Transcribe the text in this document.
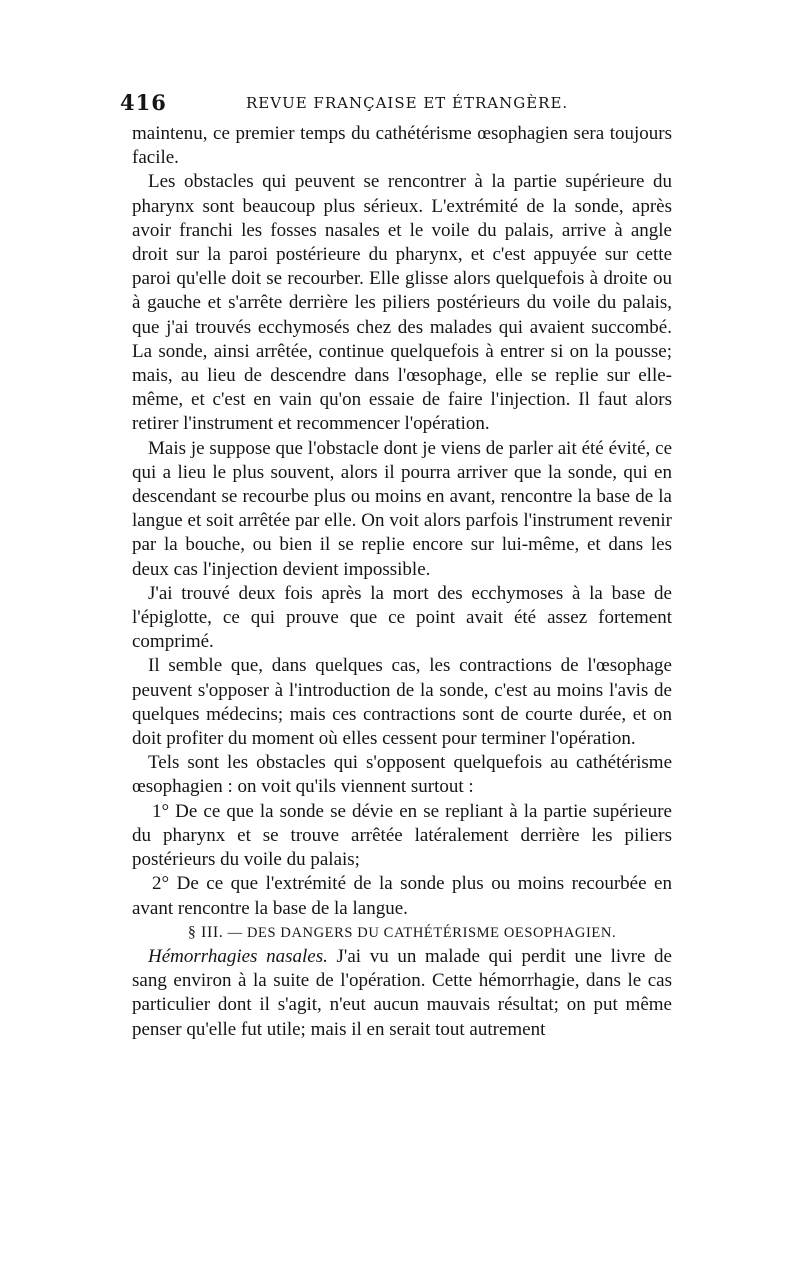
416	REVUE FRANÇAISE ET ÉTRANGÈRE.

maintenu, ce premier temps du cathétérisme œsophagien sera toujours facile.

Les obstacles qui peuvent se rencontrer à la partie supérieure du pharynx sont beaucoup plus sérieux. L'extrémité de la sonde, après avoir franchi les fosses nasales et le voile du palais, arrive à angle droit sur la paroi postérieure du pharynx, et c'est appuyée sur cette paroi qu'elle doit se recourber. Elle glisse alors quelquefois à droite ou à gauche et s'arrête derrière les piliers postérieurs du voile du palais, que j'ai trouvés ecchymosés chez des malades qui avaient succombé. La sonde, ainsi arrêtée, continue quelquefois à entrer si on la pousse; mais, au lieu de descendre dans l'œsophage, elle se replie sur elle-même, et c'est en vain qu'on essaie de faire l'injection. Il faut alors retirer l'instrument et recommencer l'opération.

Mais je suppose que l'obstacle dont je viens de parler ait été évité, ce qui a lieu le plus souvent, alors il pourra arriver que la sonde, qui en descendant se recourbe plus ou moins en avant, rencontre la base de la langue et soit arrêtée par elle. On voit alors parfois l'instrument revenir par la bouche, ou bien il se replie encore sur lui-même, et dans les deux cas l'injection devient impossible.

J'ai trouvé deux fois après la mort des ecchymoses à la base de l'épiglotte, ce qui prouve que ce point avait été assez fortement comprimé.

Il semble que, dans quelques cas, les contractions de l'œsophage peuvent s'opposer à l'introduction de la sonde, c'est au moins l'avis de quelques médecins; mais ces contractions sont de courte durée, et on doit profiter du moment où elles cessent pour terminer l'opération.

Tels sont les obstacles qui s'opposent quelquefois au cathétérisme œsophagien : on voit qu'ils viennent surtout :

1° De ce que la sonde se dévie en se repliant à la partie supérieure du pharynx et se trouve arrêtée latéralement derrière les piliers postérieurs du voile du palais;

2° De ce que l'extrémité de la sonde plus ou moins recourbée en avant rencontre la base de la langue.

§ III. — DES DANGERS DU CATHÉTÉRISME OESOPHAGIEN.

Hémorrhagies nasales. J'ai vu un malade qui perdit une livre de sang environ à la suite de l'opération. Cette hémorrhagie, dans le cas particulier dont il s'agit, n'eut aucun mauvais résultat; on put même penser qu'elle fut utile; mais il en serait tout autrement
